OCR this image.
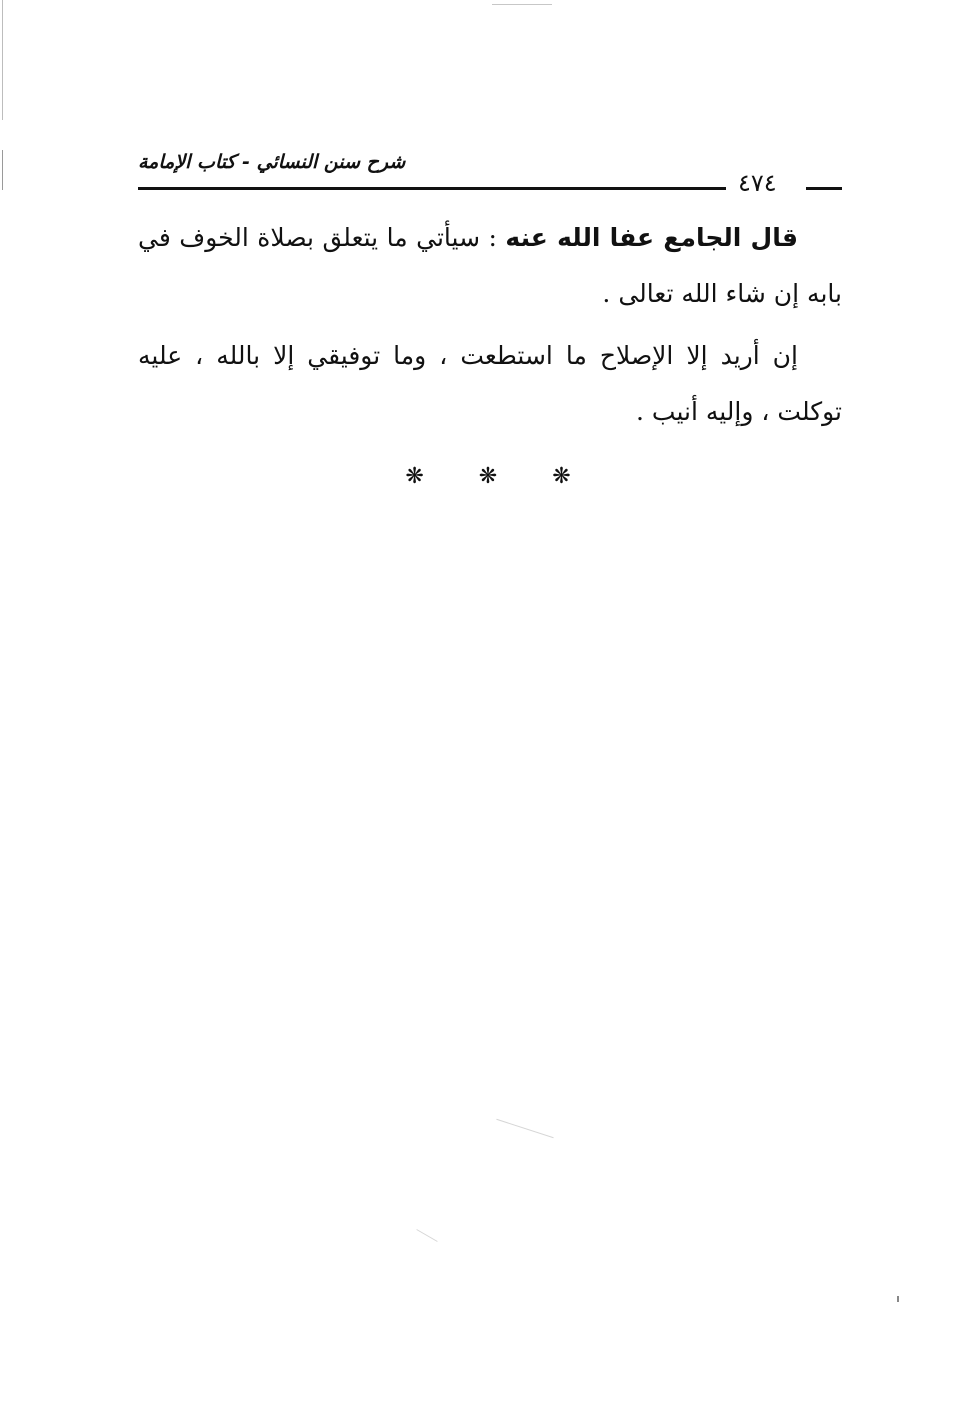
شرح سنن النسائي - كتاب الإمامة
٤٧٤

قال الجامع عفا الله عنه : سيأتي ما يتعلق بصلاة الخوف في بابه إن شاء الله تعالى .

إن أريد إلا الإصلاح ما استطعت ، وما توفيقي إلا بالله ، عليه توكلت ، وإليه أنيب .

❋	❋	❋
